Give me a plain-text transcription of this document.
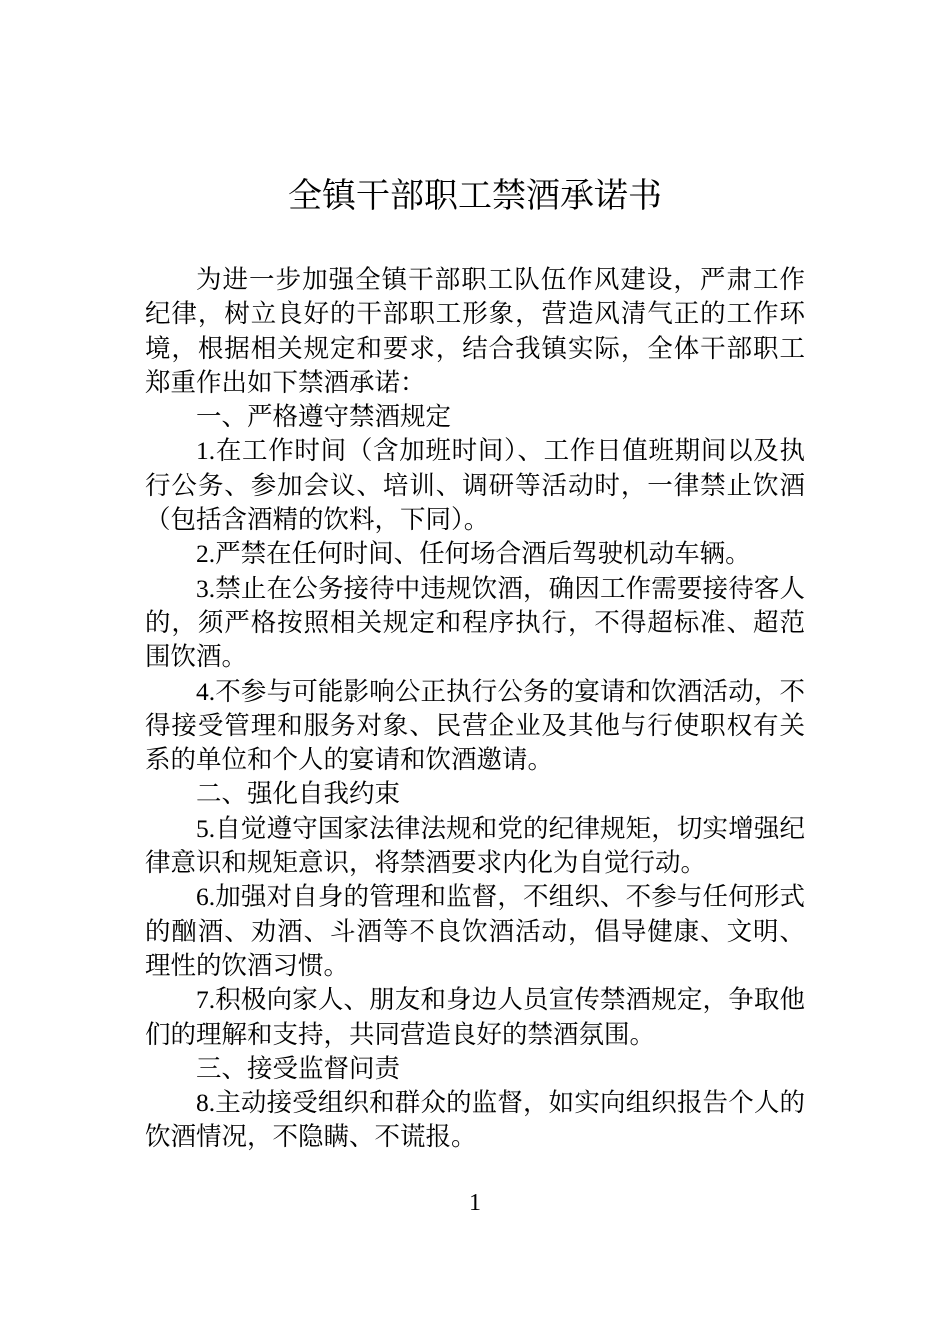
全镇干部职工禁酒承诺书

为进一步加强全镇干部职工队伍作风建设，严肃工作纪律，树立良好的干部职工形象，营造风清气正的工作环境，根据相关规定和要求，结合我镇实际，全体干部职工郑重作出如下禁酒承诺：

一、严格遵守禁酒规定

1.在工作时间（含加班时间）、工作日值班期间以及执行公务、参加会议、培训、调研等活动时，一律禁止饮酒（包括含酒精的饮料，下同）。

2.严禁在任何时间、任何场合酒后驾驶机动车辆。

3.禁止在公务接待中违规饮酒，确因工作需要接待客人的，须严格按照相关规定和程序执行，不得超标准、超范围饮酒。

4.不参与可能影响公正执行公务的宴请和饮酒活动，不得接受管理和服务对象、民营企业及其他与行使职权有关系的单位和个人的宴请和饮酒邀请。

二、强化自我约束

5.自觉遵守国家法律法规和党的纪律规矩，切实增强纪律意识和规矩意识，将禁酒要求内化为自觉行动。

6.加强对自身的管理和监督，不组织、不参与任何形式的酗酒、劝酒、斗酒等不良饮酒活动，倡导健康、文明、理性的饮酒习惯。

7.积极向家人、朋友和身边人员宣传禁酒规定，争取他们的理解和支持，共同营造良好的禁酒氛围。

三、接受监督问责

8.主动接受组织和群众的监督，如实向组织报告个人的饮酒情况，不隐瞒、不谎报。

1
